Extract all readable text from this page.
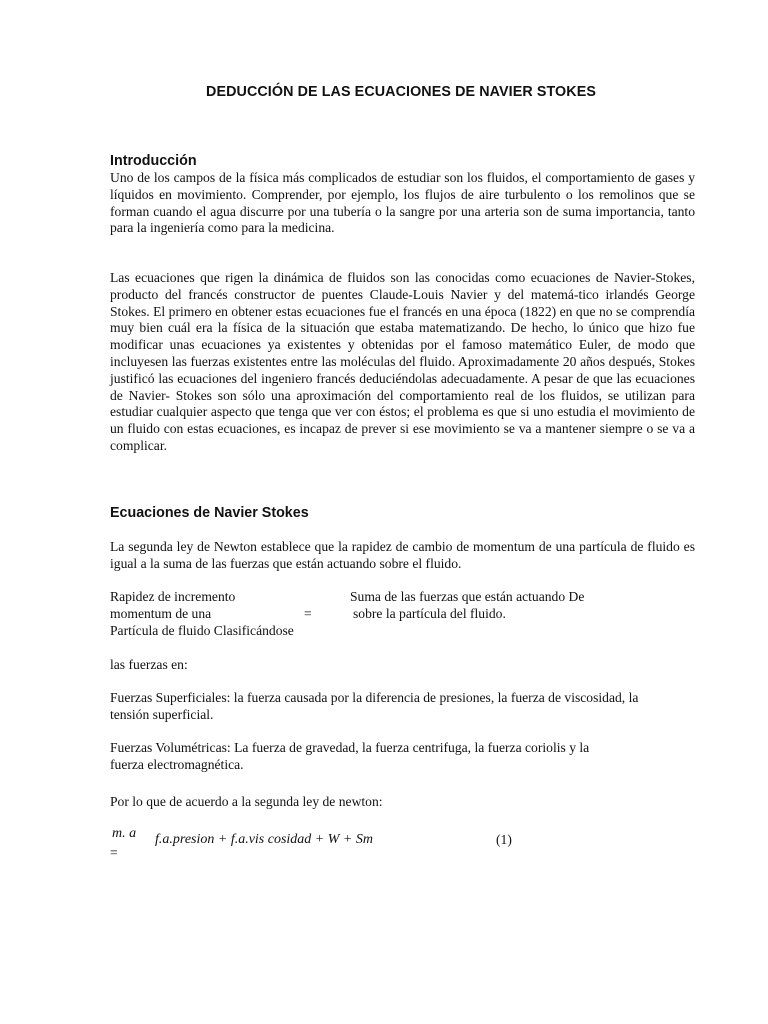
DEDUCCIÓN DE LAS ECUACIONES DE NAVIER STOKES
Introducción
Uno de los campos de la física más complicados de estudiar son los fluidos, el comportamiento de gases y líquidos en movimiento. Comprender, por ejemplo, los flujos de aire turbulento o los remolinos que se forman cuando el agua discurre por una tubería o la sangre por una arteria son de suma importancia, tanto para la ingeniería como para la medicina.
Las ecuaciones que rigen la dinámica de fluidos son las conocidas como ecuaciones de Navier-Stokes, producto del francés constructor de puentes Claude-Louis Navier y del matemá-tico irlandés George Stokes. El primero en obtener estas ecuaciones fue el francés en una época (1822) en que no se comprendía muy bien cuál era la física de la situación que estaba matematizando. De hecho, lo único que hizo fue modificar unas ecuaciones ya existentes y obtenidas por el famoso matemático Euler, de modo que incluyesen las fuerzas existentes entre las moléculas del fluido. Aproximadamente 20 años después, Stokes justificó las ecuaciones del ingeniero francés deduciéndolas adecuadamente. A pesar de que las ecuaciones de Navier- Stokes son sólo una aproximación del comportamiento real de los fluidos, se utilizan para estudiar cualquier aspecto que tenga que ver con éstos; el problema es que si uno estudia el movimiento de un fluido con estas ecuaciones, es incapaz de prever si ese movimiento se va a mantener siempre o se va a complicar.
Ecuaciones de Navier Stokes
La segunda ley de Newton establece que la rapidez de cambio de momentum de una partícula de fluido es igual a la suma de las fuerzas que están actuando sobre el fluido.
Rapidez de incremento
momentum de una
Partícula de fluido Clasificándose
=
Suma de las fuerzas que están actuando De
sobre la partícula del fluido.
las fuerzas en:
Fuerzas Superficiales: la fuerza causada por la diferencia de presiones, la fuerza de viscosidad, la
tensión superficial.
Fuerzas Volumétricas: La fuerza de gravedad, la fuerza centrifuga, la fuerza coriolis y la
fuerza electromagnética.
Por lo que de acuerdo a la segunda ley de newton:
m. a
=
f.a.presion + f.a.vis cosidad + W + Sm	(1)
